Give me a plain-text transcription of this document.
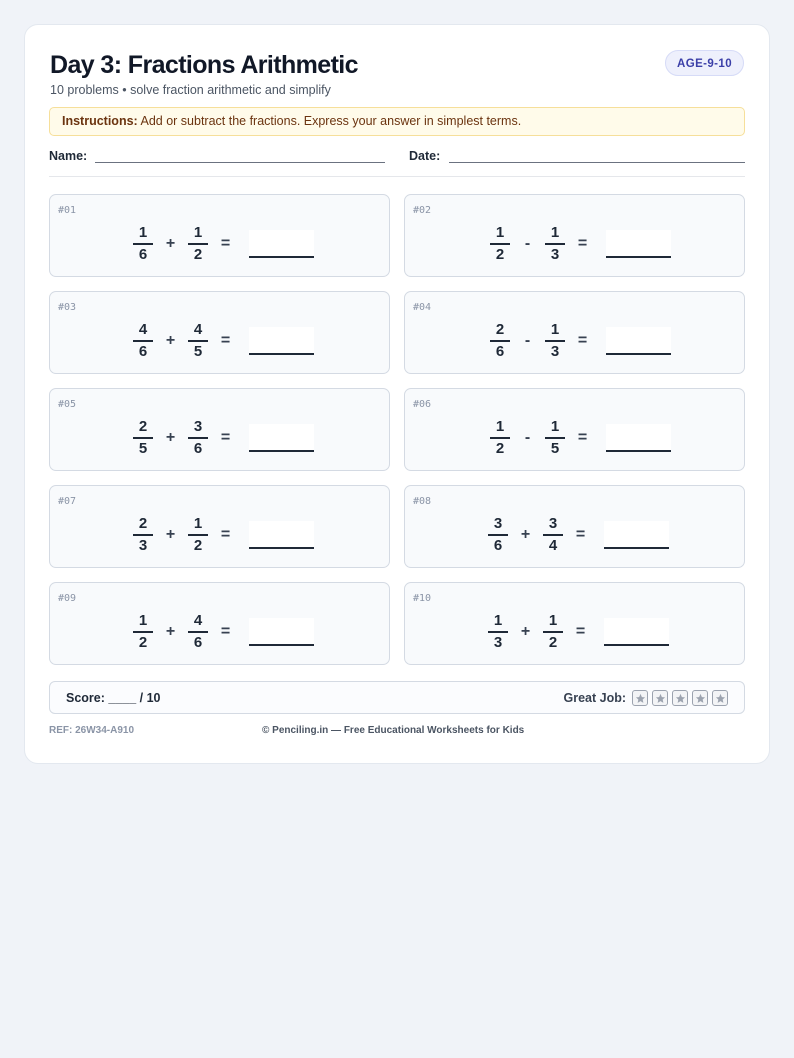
Day 3: Fractions Arithmetic
10 problems • solve fraction arithmetic and simplify
AGE-9-10
Instructions: Add or subtract the fractions. Express your answer in simplest terms.
Name:	Date:
#01
$\frac{1}{6} + \frac{1}{2}$ =
#02
$\frac{1}{2} - \frac{1}{3}$ =
#03
$\frac{4}{6} + \frac{4}{5}$ =
#04
$\frac{2}{6} - \frac{1}{3}$ =
#05
$\frac{2}{5} + \frac{3}{6}$ =
#06
$\frac{1}{2} - \frac{1}{5}$ =
#07
$\frac{2}{3} + \frac{1}{2}$ =
#08
$\frac{3}{6} + \frac{3}{4}$ =
#09
$\frac{1}{2} + \frac{4}{6}$ =
#10
$\frac{1}{3} + \frac{1}{2}$ =
Score: ____ / 10	Great Job:
REF: 26W34-A910	© Penciling.in — Free Educational Worksheets for Kids
